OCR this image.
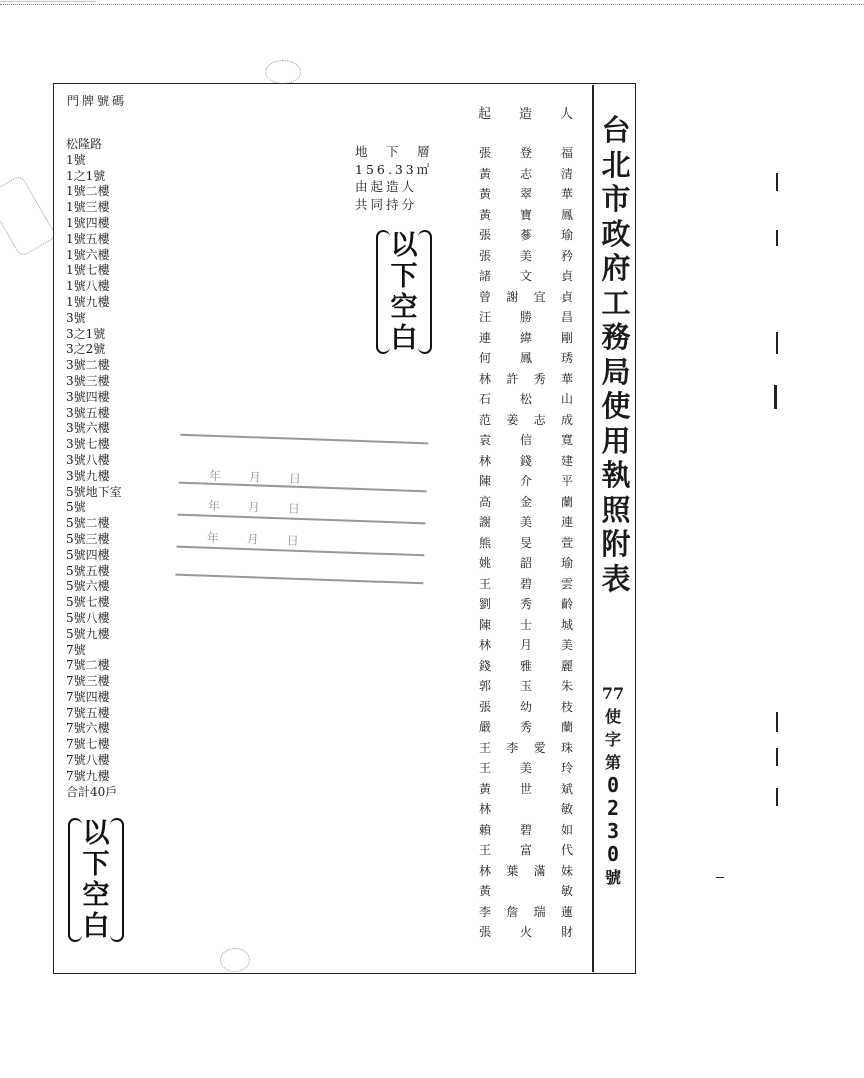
────────────────────────────────────────
門牌號碼
起 造 人
松隆路
1號
1之1號
1號二樓
1號三樓
1號四樓
1號五樓
1號六樓
1號七樓
1號八樓
1號九樓
3號
3之1號
3之2號
3號二樓
3號三樓
3號四樓
3號五樓
3號六樓
3號七樓
3號八樓
3號九樓
5號地下室
5號
5號二樓
5號三樓
5號四樓
5號五樓
5號六樓
5號七樓
5號八樓
5號九樓
7號
7號二樓
7號三樓
7號四樓
7號五樓
7號六樓
7號七樓
7號八樓
7號九樓
合計40戶
地　下　層
156.33㎡
由起造人
共同持分
以
下
空
白
以
下
空
白
張 登 福
黃 志 清
黃 翠 華
黃 寶 鳳
張 蔘 瑜
張 美 矜
諸 文 貞
曾 謝 宜 貞
汪 勝 昌
連 緯 剛
何 鳳 琇
林 許 秀 華
石 松 山
范 姜 志 成
袁 信 寬
林 錢 建
陳 介 平
高 金 蘭
謝 美 連
熊 旻 萱
姚 韶 瑜
王 碧 雲
劉 秀 齡
陳 士 城
林 月 美
錢 雅 麗
郭 玉 朱
張 幼 枝
嚴 秀 蘭
王 李 愛 珠
王 美 玲
黃 世 斌
林	敏
賴 碧 如
王 富 代
林 葉 滿 妹
黃	敏
李 詹 瑞 蓮
張 火 財
台
北
市
政
府
工
務
局
使
用
執
照
附
表
77
使
字
第
0
2
3
0
號
年　月　日
年　月　日
年　月　日
